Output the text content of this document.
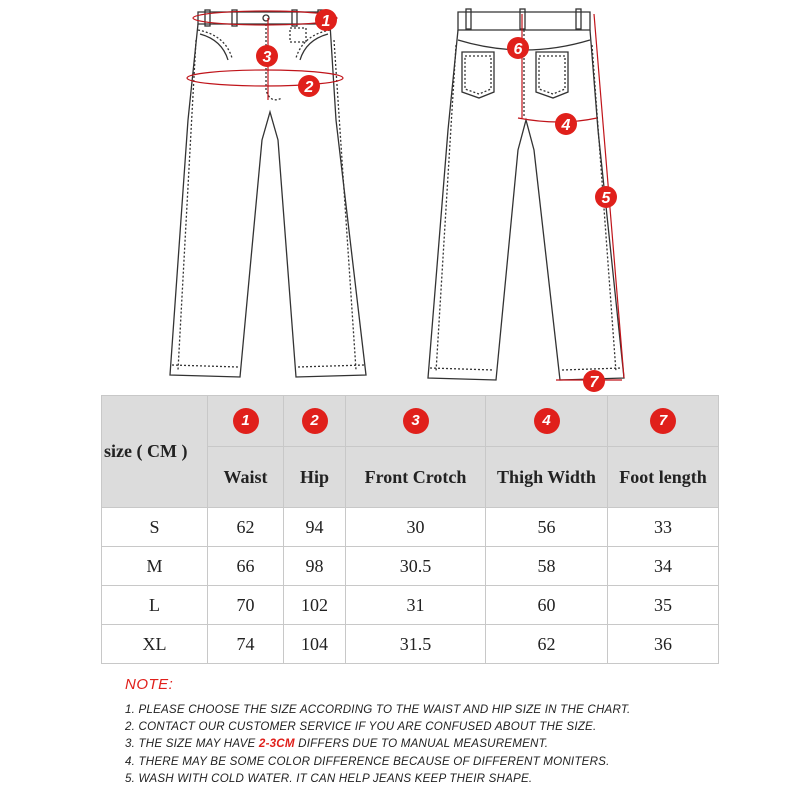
1
3
2
6
4
5
7
size ( CM )	1	2	3	4	7
	Waist	Hip	Front Crotch	Thigh Width	Foot length
S	62	94	30	56	33
M	66	98	30.5	58	34
L	70	102	31	60	35
XL	74	104	31.5	62	36
NOTE:
1. PLEASE CHOOSE THE SIZE ACCORDING TO THE WAIST AND HIP SIZE IN THE CHART.
2. CONTACT OUR CUSTOMER SERVICE IF YOU ARE CONFUSED ABOUT THE SIZE.
3. THE SIZE MAY HAVE 2-3CM DIFFERS DUE TO MANUAL MEASUREMENT.
4. THERE MAY BE SOME COLOR DIFFERENCE BECAUSE OF DIFFERENT MONITERS.
5. WASH WITH COLD WATER. IT CAN HELP JEANS KEEP THEIR SHAPE.
